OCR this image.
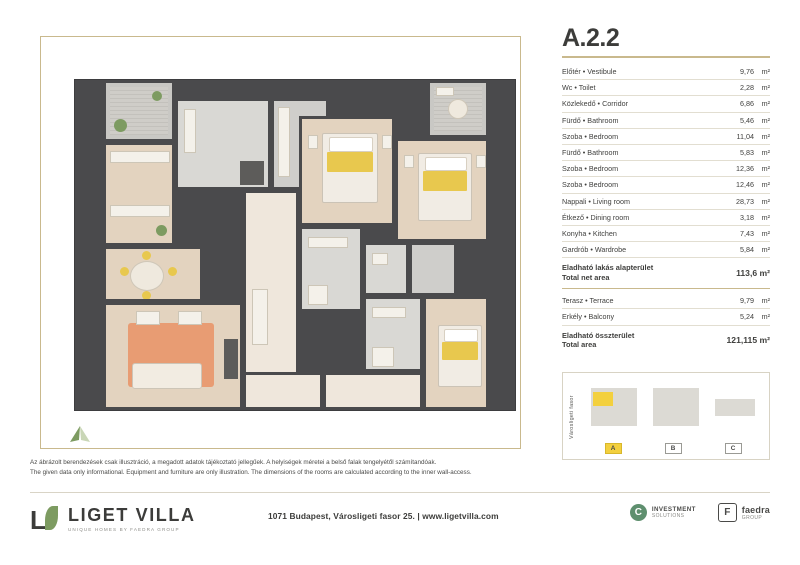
Az ábrázolt berendezések csak illusztráció, a megadott adatok tájékoztató jellegűek. A helyiségek méretei a belső falak tengelyétől számítandóak.
The given data only informational. Equipment and furniture are only illustration. The dimensions of the rooms are calculated according to the inner wall-access.
L LIGET VILLA
UNIQUE HOMES BY FAEDRA GROUP
1071 Budapest, Városligeti fasor 25. | www.ligetvilla.com	C	INVESTMENT
SOLUTIONS	F	faedra
GROUP
A.2.2
Előtér • Vestibule	9,76	m²
Wc • Toilet	2,28	m²
Közlekedő • Corridor	6,86	m²
Fürdő • Bathroom	5,46	m²
Szoba • Bedroom	11,04	m²
Fürdő • Bathroom	5,83	m²
Szoba • Bedroom	12,36	m²
Szoba • Bedroom	12,46	m²
Nappali • Living room	28,73	m²
Étkező • Dining room	3,18	m²
Konyha • Kitchen	7,43	m²
Gardrób • Wardrobe	5,84	m²
Eladható lakás alapterület
Total net area	113,6 m²	
Terasz • Terrace	9,79	m²
Erkély • Balcony	5,24	m²
Eladható összterület
Total area	121,115 m²	
Városligeti fasor
A	B	C
